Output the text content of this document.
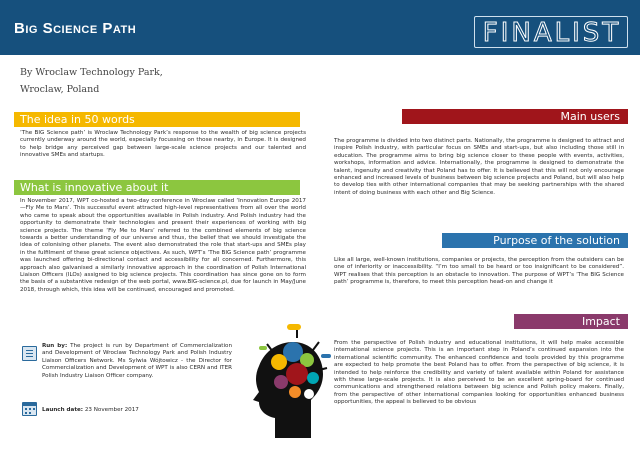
Big Science Path	FINALIST
By Wroclaw Technology Park,
Wroclaw, Poland
The idea in 50 words
‘The BIG Science path’ is Wroclaw Technology Park’s response to the wealth of big science projects currently underway around the world, especially focussing on those nearby, in Europe. It is designed to help bridge any perceived gap between large-scale science projects and our talented and innovative SMEs and startups.
What is innovative about it
In November 2017, WPT co-hosted a two-day conference in Wroclaw called ‘Innovation Europe 2017—Fly Me to Mars’. This successful event attracted high-level representatives from all over the world who came to speak about the opportunities available in Polish industry. And Polish industry had the opportunity to demonstrate their technologies and present their experiences of working with big science projects. The theme ‘Fly Me to Mars’ referred to the combined elements of big science towards a better understanding of our universe and thus, the belief that we should investigate the idea of colonising other planets. The event also demonstrated the role that start-ups and SMEs play in the fulfilment of these great science objectives. As such, WPT’s ‘The BIG Science path’ programme was launched offering bi-directional contact and accessibility for all concerned. Furthermore, this approach also galvanised a similarly innovative approach in the coordination of Polish International Liaison Officers (ILOs) assigned to big science projects. This coordination has since gone on to form the basis of a substantive redesign of the web portal, www.BIG-science.pl, due for launch in May/June 2018, through which, this idea will be continued, encouraged and promoted.
Run by: The project is run by Department of Commercialization and Development of Wroclaw Technology Park and Polish Industry Liaison Officers Network. Ms Sylwia Wójtowicz - the Director for Commercialization and Development of WPT is also CERN and ITER Polish Industry Liaison Officer company.
Launch date: 23 November 2017
Main users
The programme is divided into two distinct parts. Nationally, the programme is designed to attract and inspire Polish industry, with particular focus on SMEs and start-ups, but also including those still in education. The programme aims to bring big science closer to these people with events, activities, workshops, information and advice. Internationally, the programme is designed to demonstrate the talent, ingenuity and creativity that Poland has to offer. It is believed that this will not only encourage enhanced and increased levels of business between big science projects and Poland, but will also help to develop ties with other international companies that may be seeking partnerships with the shared intent of doing business with each other and Big Science.
Purpose of the solution
Like all large, well-known institutions, companies or projects, the perception from the outsiders can be one of inferiority or inaccessibility. “I’m too small to be heard or too insignificant to be considered”. WPT realises that this perception is an obstacle to innovation. The purpose of WPT’s ‘The BIG Science path’ programme is, therefore, to meet this perception head-on and change it
Impact
From the perspective of Polish industry and educational institutions, it will help make accessible international science projects. This is an important step in Poland’s continued expansion into the international scientific community. The enhanced confidence and tools provided by this programme are expected to help promote the best Poland has to offer. From the perspective of big science, it is intended to help reinforce the credibility and variety of talent available within Poland for assistance with these large-scale projects. It is also perceived to be an excellent spring-board for continued communications and strengthened relations between big science and Polish policy makers. Finally, from the perspective of other international companies looking for opportunities enhanced business opportunities, the appeal is believed to be obvious
